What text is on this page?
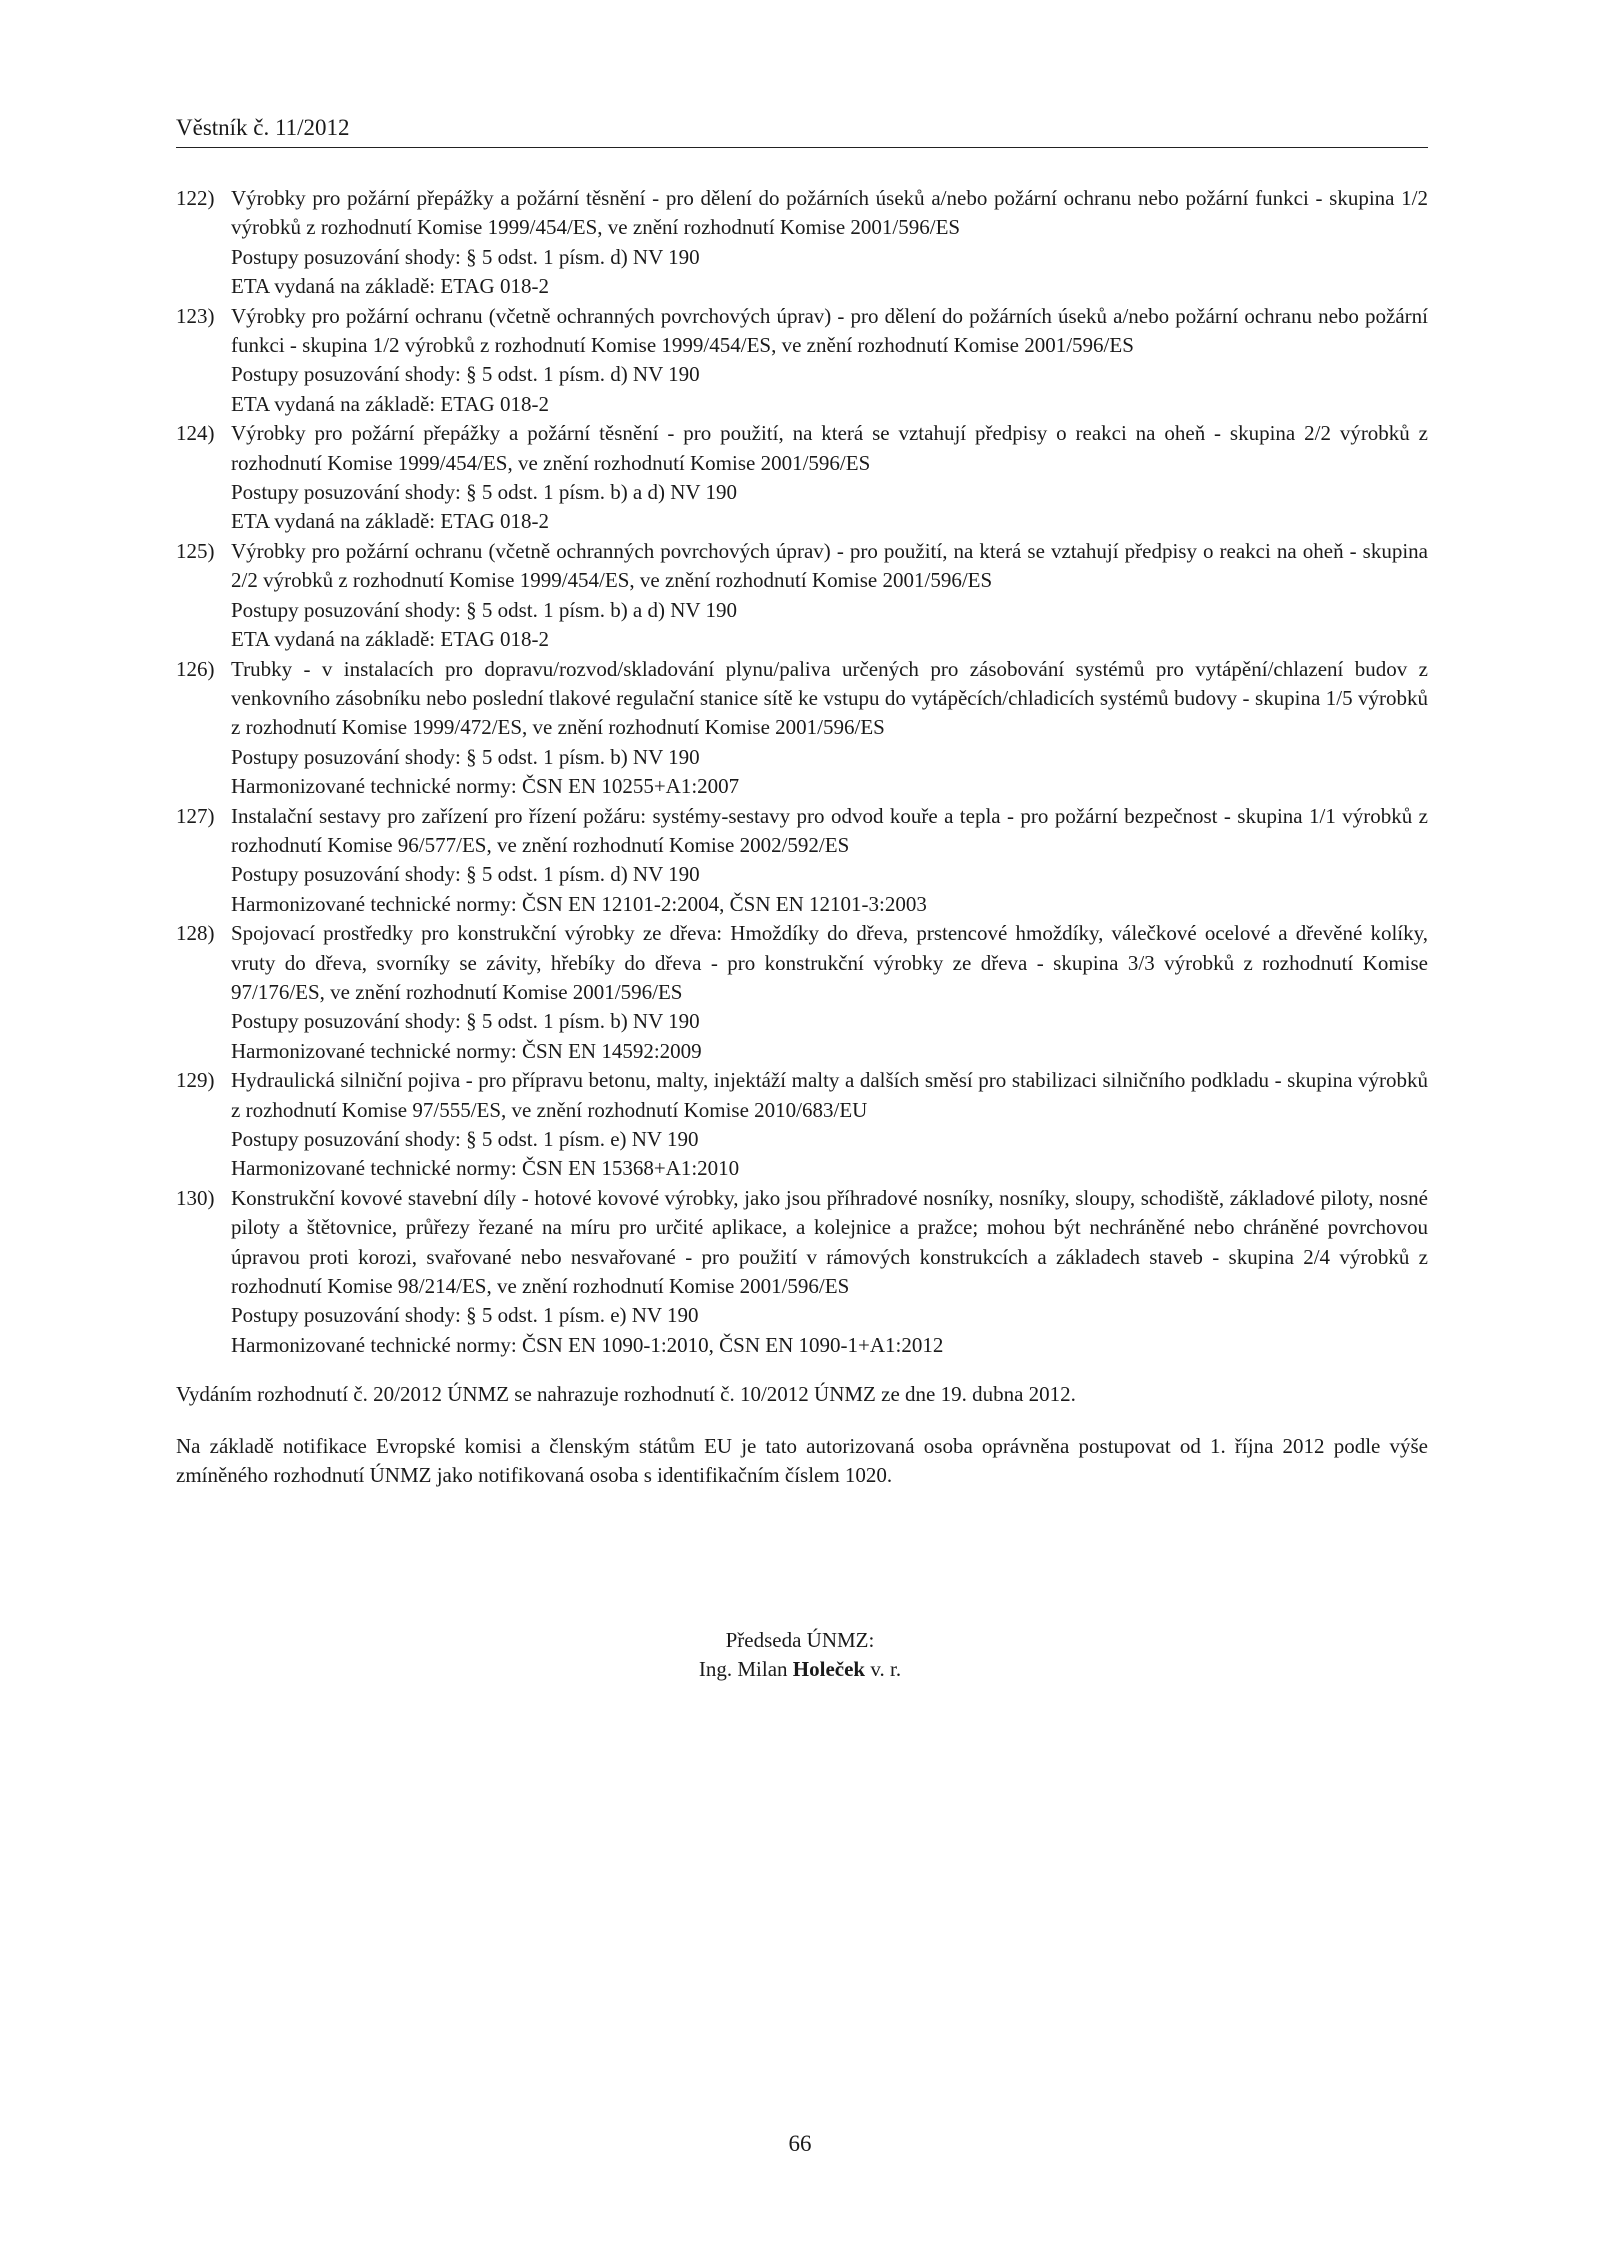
Věstník č. 11/2012
122) Výrobky pro požární přepážky a požární těsnění - pro dělení do požárních úseků a/nebo požární ochranu nebo požární funkci - skupina 1/2 výrobků z rozhodnutí Komise 1999/454/ES, ve znění rozhodnutí Komise 2001/596/ES
Postupy posuzování shody: § 5 odst. 1 písm. d) NV 190
ETA vydaná na základě: ETAG 018-2
123) Výrobky pro požární ochranu (včetně ochranných povrchových úprav) - pro dělení do požárních úseků a/nebo požární ochranu nebo požární funkci - skupina 1/2 výrobků z rozhodnutí Komise 1999/454/ES, ve znění rozhodnutí Komise 2001/596/ES
Postupy posuzování shody: § 5 odst. 1 písm. d) NV 190
ETA vydaná na základě: ETAG 018-2
124) Výrobky pro požární přepážky a požární těsnění - pro použití, na která se vztahují předpisy o reakci na oheň - skupina 2/2 výrobků z rozhodnutí Komise 1999/454/ES, ve znění rozhodnutí Komise 2001/596/ES
Postupy posuzování shody: § 5 odst. 1 písm. b) a d) NV 190
ETA vydaná na základě: ETAG 018-2
125) Výrobky pro požární ochranu (včetně ochranných povrchových úprav) - pro použití, na která se vztahují předpisy o reakci na oheň - skupina 2/2 výrobků z rozhodnutí Komise 1999/454/ES, ve znění rozhodnutí Komise 2001/596/ES
Postupy posuzování shody: § 5 odst. 1 písm. b) a d) NV 190
ETA vydaná na základě: ETAG 018-2
126) Trubky - v instalacích pro dopravu/rozvod/skladování plynu/paliva určených pro zásobování systémů pro vytápění/chlazení budov z venkovního zásobníku nebo poslední tlakové regulační stanice sítě ke vstupu do vytápěcích/chladicích systémů budovy - skupina 1/5 výrobků z rozhodnutí Komise 1999/472/ES, ve znění rozhodnutí Komise 2001/596/ES
Postupy posuzování shody: § 5 odst. 1 písm. b) NV 190
Harmonizované technické normy: ČSN EN 10255+A1:2007
127) Instalační sestavy pro zařízení pro řízení požáru: systémy-sestavy pro odvod kouře a tepla - pro požární bezpečnost - skupina 1/1 výrobků z rozhodnutí Komise 96/577/ES, ve znění rozhodnutí Komise 2002/592/ES
Postupy posuzování shody: § 5 odst. 1 písm. d) NV 190
Harmonizované technické normy: ČSN EN 12101-2:2004, ČSN EN 12101-3:2003
128) Spojovací prostředky pro konstrukční výrobky ze dřeva: Hmoždíky do dřeva, prstencové hmoždíky, válečkové ocelové a dřevěné kolíky, vruty do dřeva, svorníky se závity, hřebíky do dřeva - pro konstrukční výrobky ze dřeva - skupina 3/3 výrobků z rozhodnutí Komise 97/176/ES, ve znění rozhodnutí Komise 2001/596/ES
Postupy posuzování shody: § 5 odst. 1 písm. b) NV 190
Harmonizované technické normy: ČSN EN 14592:2009
129) Hydraulická silniční pojiva - pro přípravu betonu, malty, injektáží malty a dalších směsí pro stabilizaci silničního podkladu - skupina výrobků z rozhodnutí Komise 97/555/ES, ve znění rozhodnutí Komise 2010/683/EU
Postupy posuzování shody: § 5 odst. 1 písm. e) NV 190
Harmonizované technické normy: ČSN EN 15368+A1:2010
130) Konstrukční kovové stavební díly - hotové kovové výrobky, jako jsou příhradové nosníky, nosníky, sloupy, schodiště, základové piloty, nosné piloty a štětovnice, průřezy řezané na míru pro určité aplikace, a kolejnice a pražce; mohou být nechráněné nebo chráněné povrchovou úpravou proti korozi, svařované nebo nesvařované - pro použití v rámových konstrukcích a základech staveb - skupina 2/4 výrobků z rozhodnutí Komise 98/214/ES, ve znění rozhodnutí Komise 2001/596/ES
Postupy posuzování shody: § 5 odst. 1 písm. e) NV 190
Harmonizované technické normy: ČSN EN 1090-1:2010, ČSN EN 1090-1+A1:2012
Vydáním rozhodnutí č. 20/2012 ÚNMZ se nahrazuje rozhodnutí č. 10/2012 ÚNMZ ze dne 19. dubna 2012.
Na základě notifikace Evropské komisi a členským státům EU je tato autorizovaná osoba oprávněna postupovat od 1. října 2012 podle výše zmíněného rozhodnutí ÚNMZ jako notifikovaná osoba s identifikačním číslem 1020.
Předseda ÚNMZ:
Ing. Milan Holeček v. r.
66
